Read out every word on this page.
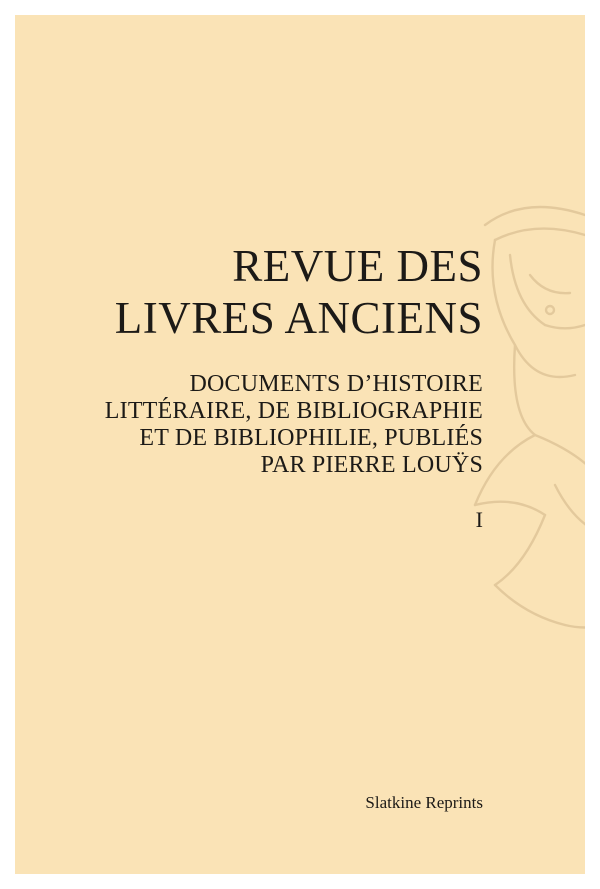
REVUE DES
LIVRES ANCIENS
DOCUMENTS D’HISTOIRE
LITTÉRAIRE, DE BIBLIOGRAPHIE
ET DE BIBLIOPHILIE, PUBLIÉS
PAR PIERRE LOUŸS
I
Slatkine Reprints
